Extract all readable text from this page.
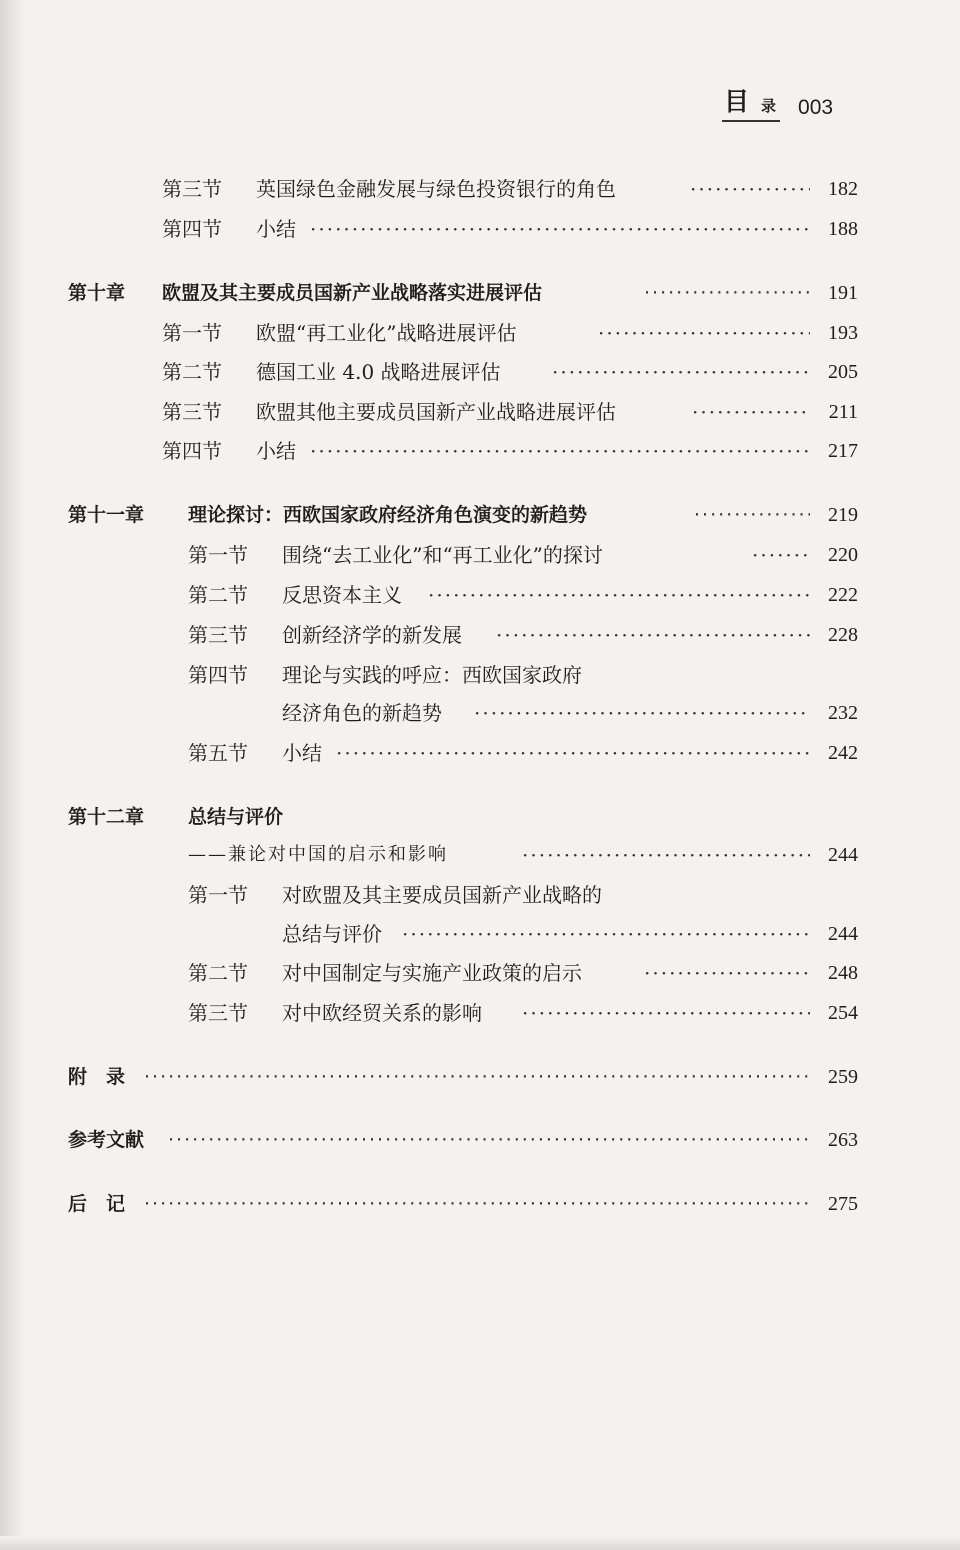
目 录 003
第三节 英国绿色金融发展与绿色投资银行的角色 ·····	182
第四节 小结 ·····	188
第十章 欧盟及其主要成员国新产业战略落实进展评估 ·····	191
第一节 欧盟“再工业化”战略进展评估 ·····	193
第二节 德国工业 4.0 战略进展评估 ·····	205
第三节 欧盟其他主要成员国新产业战略进展评估 ·····	211
第四节 小结 ·····	217
第十一章 理论探讨：西欧国家政府经济角色演变的新趋势 ·····	219
第一节 围绕“去工业化”和“再工业化”的探讨 ·····	220
第二节 反思资本主义 ·····	222
第三节 创新经济学的新发展 ·····	228
第四节 理论与实践的呼应：西欧国家政府
经济角色的新趋势 ·····	232
第五节 小结 ·····	242
第十二章 总结与评价
——兼论对中国的启示和影响 ·····	244
第一节 对欧盟及其主要成员国新产业战略的
总结与评价 ·····	244
第二节 对中国制定与实施产业政策的启示 ·····	248
第三节 对中欧经贸关系的影响 ·····	254
附　录 ·····	259
参考文献 ·····	263
后　记 ·····	275
